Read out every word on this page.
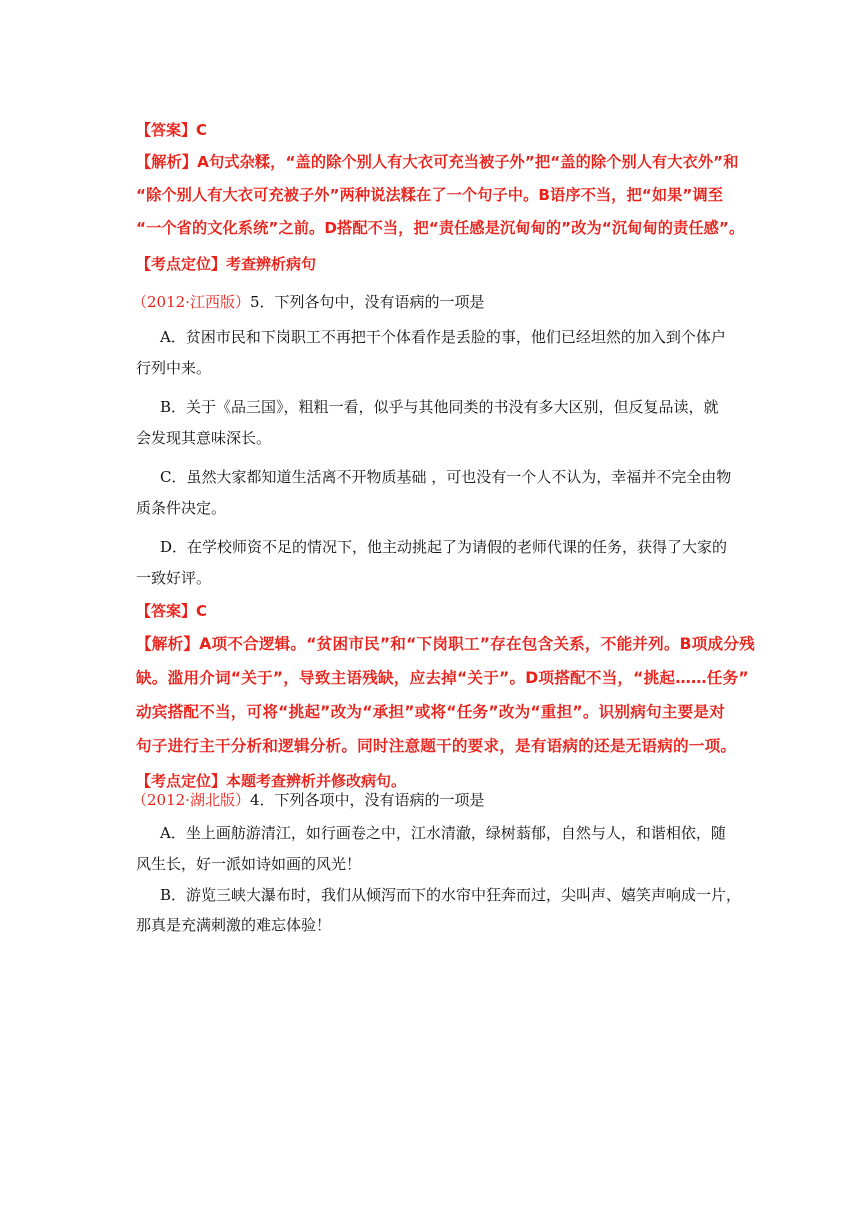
【答案】C
【解析】A句式杂糅，“盖的除个别人有大衣可充当被子外”把“盖的除个别人有大衣外”和
“除个别人有大衣可充被子外”两种说法糅在了一个句子中。B语序不当，把“如果”调至
“一个省的文化系统”之前。D搭配不当，把“责任感是沉甸甸的”改为“沉甸甸的责任感”。
【考点定位】考查辨析病句
（2012·江西版）5．下列各句中，没有语病的一项是
A．贫困市民和下岗职工不再把干个体看作是丢脸的事，他们已经坦然的加入到个体户
行列中来。
B．关于《品三国》，粗粗一看，似乎与其他同类的书没有多大区别，但反复品读，就
会发现其意味深长。
C．虽然大家都知道生活离不开物质基础 ，可也没有一个人不认为，幸福并不完全由物
质条件决定。
D．在学校师资不足的情况下，他主动挑起了为请假的老师代课的任务，获得了大家的
一致好评。
【答案】C
【解析】A项不合逻辑。“贫困市民”和“下岗职工”存在包含关系，不能并列。B项成分残
缺。滥用介词“关于”，导致主语残缺，应去掉“关于”。D项搭配不当，“挑起……任务”
动宾搭配不当，可将“挑起”改为“承担”或将“任务”改为“重担”。识别病句主要是对
句子进行主干分析和逻辑分析。同时注意题干的要求，是有语病的还是无语病的一项。
【考点定位】本题考查辨析并修改病句。
（2012·湖北版）4．下列各项中，没有语病的一项是
A．坐上画舫游清江，如行画卷之中，江水清澈，绿树蓊郁，自然与人，和谐相依，随
风生长，好一派如诗如画的风光！
B．游览三峡大瀑布时，我们从倾泻而下的水帘中狂奔而过，尖叫声、嬉笑声响成一片，
那真是充满刺激的难忘体验！
